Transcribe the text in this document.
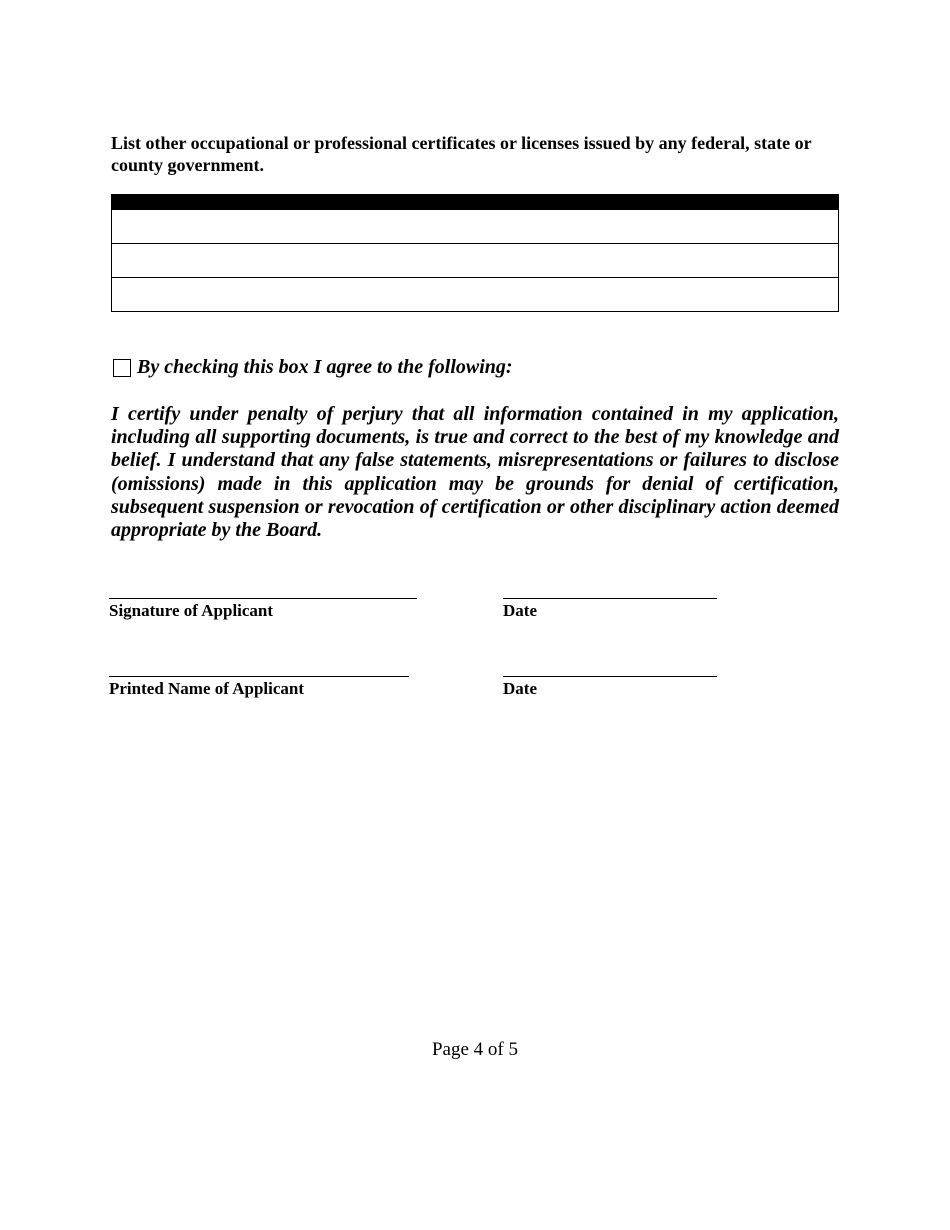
List other occupational or professional certificates or licenses issued by any federal, state or county government.

By checking this box I agree to the following:
I certify under penalty of perjury that all information contained in my application, including all supporting documents, is true and correct to the best of my knowledge and belief. I understand that any false statements, misrepresentations or failures to disclose (omissions) made in this application may be grounds for denial of certification, subsequent suspension or revocation of certification or other disciplinary action deemed appropriate by the Board.
Signature of Applicant	Date
Printed Name of Applicant	Date
Page 4 of 5
